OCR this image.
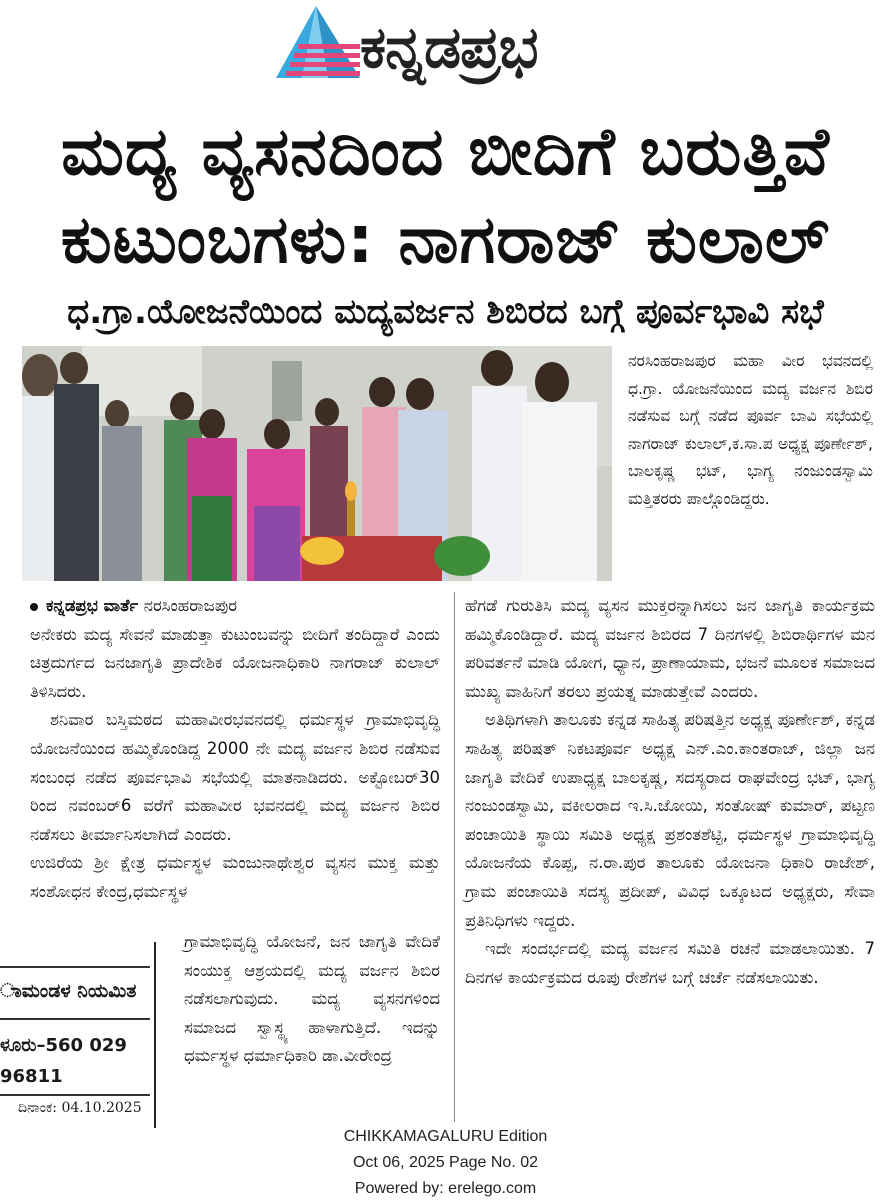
ಕನ್ನಡಪ್ರಭ
ಮದ್ಯ ವ್ಯಸನದಿಂದ ಬೀದಿಗೆ ಬರುತ್ತಿವೆ
ಕುಟುಂಬಗಳು: ನಾಗರಾಜ್ ಕುಲಾಲ್
ಧ.ಗ್ರಾ.ಯೋಜನೆಯಿಂದ ಮದ್ಯವರ್ಜನ ಶಿಬಿರದ ಬಗ್ಗೆ ಪೂರ್ವಭಾವಿ ಸಭೆ
ನರಸಿಂಹರಾಜಪುರ ಮಹಾ ವೀರ ಭವನದಲ್ಲಿ ಧ.ಗ್ರಾ. ಯೋಜನೆಯಿಂದ ಮದ್ಯ ವರ್ಜನ ಶಿಬಿರ ನಡೆಸುವ ಬಗ್ಗೆ ನಡೆದ ಪೂರ್ವ ಬಾವಿ ಸಭೆಯಲ್ಲಿ ನಾಗರಾಜ್ ಕುಲಾಲ್,ಕ.ಸಾ.ಪ ಅಧ್ಯಕ್ಷ ಪೂರ್ಣೇಶ್, ಬಾಲಕೃಷ್ಣ ಭಟ್, ಭಾಗ್ಯ ನಂಜುಂಡಸ್ವಾಮಿ ಮತ್ತಿತರರು ಪಾಲ್ಗೊಂಡಿದ್ದರು.

ಕನ್ನಡಪ್ರಭ ವಾರ್ತೆ ನರಸಿಂಹರಾಜಪುರ

ಅನೇಕರು ಮದ್ಯ ಸೇವನೆ ಮಾಡುತ್ತಾ ಕುಟುಂಬವನ್ನು ಬೀದಿಗೆ ತಂದಿದ್ದಾರೆ ಎಂದು ಚಿತ್ರದುರ್ಗದ ಜನಜಾಗೃತಿ ಪ್ರಾದೇಶಿಕ ಯೋಜನಾಧಿಕಾರಿ ನಾಗರಾಜ್ ಕುಲಾಲ್ ತಿಳಿಸಿದರು.

ಶನಿವಾರ ಬಸ್ತಿಮಠದ ಮಹಾವೀರಭವನದಲ್ಲಿ ಧರ್ಮಸ್ಥಳ ಗ್ರಾಮಾಭಿವೃದ್ಧಿ ಯೋಜನೆಯಿಂದ ಹಮ್ಮಿಕೊಂಡಿದ್ದ 2000 ನೇ ಮದ್ಯ ವರ್ಜನ ಶಿಬಿರ ನಡೆಸುವ ಸಂಬಂಧ ನಡೆದ ಪೂರ್ವಭಾವಿ ಸಭೆಯಲ್ಲಿ ಮಾತನಾಡಿದರು. ಅಕ್ಟೋಬರ್30 ರಿಂದ ನವಂಬರ್6 ವರೆಗೆ ಮಹಾವೀರ ಭವನದಲ್ಲಿ ಮದ್ಯ ವರ್ಜನ ಶಿಬಿರ ನಡೆಸಲು ತೀರ್ಮಾನಿಸಲಾಗಿದೆ ಎಂದರು.

ಉಜಿರೆಯ ಶ್ರೀ ಕ್ಷೇತ್ರ ಧರ್ಮಸ್ಥಳ ಮಂಜುನಾಥೇಶ್ವರ ವ್ಯಸನ ಮುಕ್ತ ಮತ್ತು ಸಂಶೋಧನ ಕೇಂದ್ರ,ಧರ್ಮಸ್ಥಳ

ಗ್ರಾಮಾಭಿವೃದ್ಧಿ ಯೋಜನೆ, ಜನ ಜಾಗೃತಿ ವೇದಿಕೆ ಸಂಯುಕ್ತ ಆಶ್ರಯದಲ್ಲಿ ಮದ್ಯ ವರ್ಜನ ಶಿಬಿರ ನಡೆಸಲಾಗುವುದು. ಮದ್ಯ ವ್ಯಸನಗಳಿಂದ ಸಮಾಜದ ಸ್ವಾಸ್ಥ್ಯ ಹಾಳಾಗುತ್ತಿದೆ. ಇದನ್ನು ಧರ್ಮಸ್ಥಳ ಧರ್ಮಾಧಿಕಾರಿ ಡಾ.ವೀರೇಂದ್ರ

ಹೆಗಡೆ ಗುರುತಿಸಿ ಮದ್ಯ ವ್ಯಸನ ಮುಕ್ತರನ್ನಾಗಿಸಲು ಜನ ಜಾಗೃತಿ ಕಾರ್ಯಕ್ರಮ ಹಮ್ಮಿಕೊಂಡಿದ್ದಾರೆ. ಮದ್ಯ ವರ್ಜನ ಶಿಬಿರದ 7 ದಿನಗಳಲ್ಲಿ ಶಿಬಿರಾರ್ಥಿಗಳ ಮನ ಪರಿವರ್ತನೆ ಮಾಡಿ ಯೋಗ, ಧ್ಯಾನ, ಪ್ರಾಣಾಯಾಮ, ಭಜನೆ ಮೂಲಕ ಸಮಾಜದ ಮುಖ್ಯ ವಾಹಿನಿಗೆ ತರಲು ಪ್ರಯತ್ನ ಮಾಡುತ್ತೇವೆ ಎಂದರು.

ಅತಿಥಿಗಳಾಗಿ ತಾಲೂಕು ಕನ್ನಡ ಸಾಹಿತ್ಯ ಪರಿಷತ್ತಿನ ಅಧ್ಯಕ್ಷ ಪೂರ್ಣೇಶ್, ಕನ್ನಡ ಸಾಹಿತ್ಯ ಪರಿಷತ್ ನಿಕಟಪೂರ್ವ ಅಧ್ಯಕ್ಷ ಎನ್.ಎಂ.ಕಾಂತರಾಜ್, ಜಿಲ್ಲಾ ಜನ ಜಾಗೃತಿ ವೇದಿಕೆ ಉಪಾಧ್ಯಕ್ಷ ಬಾಲಕೃಷ್ಣ, ಸದಸ್ಯರಾದ ರಾಘವೇಂದ್ರ ಭಟ್, ಭಾಗ್ಯ ನಂಜುಂಡಸ್ವಾಮಿ, ವಕೀಲರಾದ ಇ.ಸಿ.ಜೋಯಿ, ಸಂತೋಷ್ ಕುಮಾರ್, ಪಟ್ಟಣ ಪಂಚಾಯಿತಿ ಸ್ಥಾಯಿ ಸಮಿತಿ ಅಧ್ಯಕ್ಷ ಪ್ರಶಂತಶೆಟ್ಟಿ, ಧರ್ಮಸ್ಥಳ ಗ್ರಾಮಾಭಿವೃದ್ಧಿ ಯೋಜನೆಯ ಕೊಪ್ಪ, ನ.ರಾ.ಪುರ ತಾಲೂಕು ಯೋಜನಾ ಧಿಕಾರಿ ರಾಜೇಶ್, ಗ್ರಾಮ ಪಂಚಾಯಿತಿ ಸದಸ್ಯ ಪ್ರದೀಪ್, ವಿವಿಧ ಒಕ್ಕೂಟದ ಅಧ್ಯಕ್ಷರು, ಸೇವಾ ಪ್ರತಿನಿಧಿಗಳು ಇದ್ದರು.

ಇದೇ ಸಂದರ್ಭದಲ್ಲಿ ಮದ್ಯ ವರ್ಜನ ಸಮಿತಿ ರಚನೆ ಮಾಡಲಾಯಿತು. 7 ದಿನಗಳ ಕಾರ್ಯಕ್ರಮದ ರೂಪು ರೇಶೆಗಳ ಬಗ್ಗೆ ಚರ್ಚೆ ನಡೆಸಲಾಯಿತು.

ಾಮಂಡಳ ನಿಯಮಿತ
ಳೂರು–560 029
96811
ದಿನಾಂಕ: 04.10.2025
CHIKKAMAGALURU Edition
Oct 06, 2025 Page No. 02
Powered by: erelego.com
